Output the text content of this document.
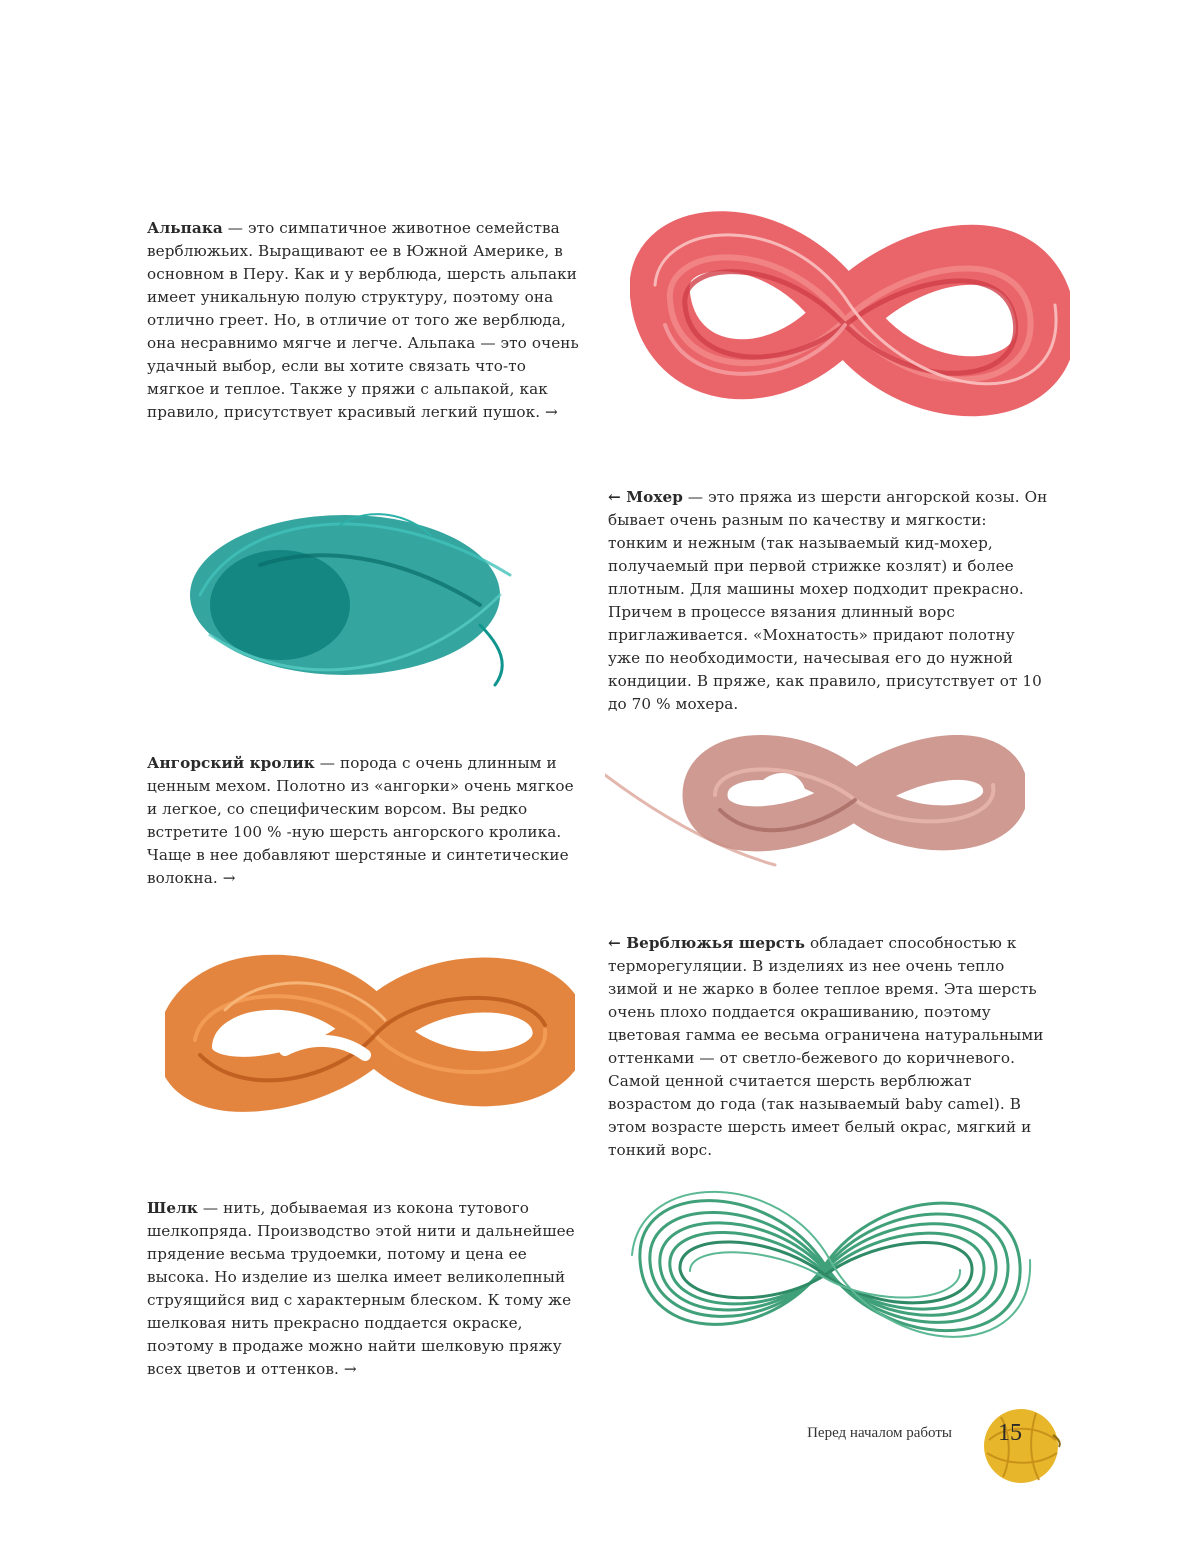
Альпака — это симпатичное животное семейства верблюжьих. Выращивают ее в Южной Америке, в основном в Перу. Как и у верблюда, шерсть альпаки имеет уникальную полую структуру, поэтому она отлично греет. Но, в отличие от того же верблюда, она несравнимо мягче и легче. Альпака — это очень удачный выбор, если вы хотите связать что-то мягкое и теплое. Также у пряжи с альпакой, как правило, присутствует красивый легкий пушок. →

← Мохер — это пряжа из шерсти ангорской козы. Он бывает очень разным по качеству и мягкости: тонким и нежным (так называемый кид-мохер, получаемый при первой стрижке козлят) и более плотным. Для машины мохер подходит прекрасно. Причем в процессе вязания длинный ворс приглаживается. «Мохнатость» придают полотну уже по необходимости, начесывая его до нужной кондиции. В пряже, как правило, присутствует от 10 до 70 % мохера.

Ангорский кролик — порода с очень длинным и ценным мехом. Полотно из «ангорки» очень мягкое и легкое, со специфическим ворсом. Вы редко встретите 100 % -ную шерсть ангорского кролика. Чаще в нее добавляют шерстяные и синтетические волокна. →

← Верблюжья шерсть обладает способностью к терморегуляции. В изделиях из нее очень тепло зимой и не жарко в более теплое время. Эта шерсть очень плохо поддается окрашиванию, поэтому цветовая гамма ее весьма ограничена натуральными оттенками — от светло-бежевого до коричневого. Самой ценной считается шерсть верблюжат возрастом до года (так называемый baby camel). В этом возрасте шерсть имеет белый окрас, мягкий и тонкий ворс.

Шелк — нить, добываемая из кокона тутового шелкопряда. Производство этой нити и дальнейшее прядение весьма трудоемки, потому и цена ее высока. Но изделие из шелка имеет великолепный струящийся вид с характерным блеском. К тому же шелковая нить прекрасно поддается окраске, поэтому в продаже можно найти шелковую пряжу всех цветов и оттенков. →

Перед началом работы 15
